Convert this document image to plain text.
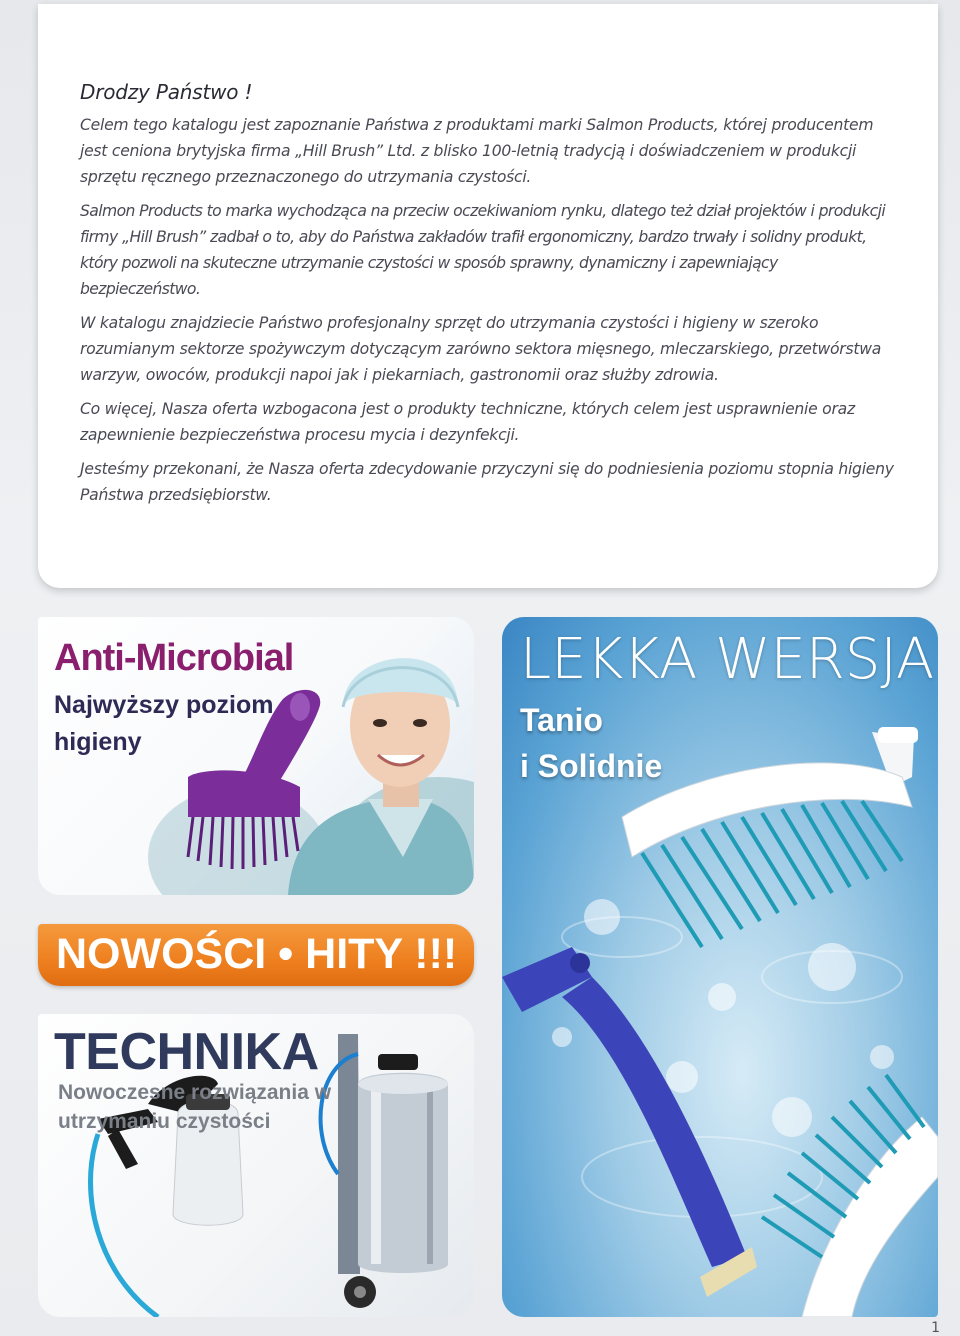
Drodzy Państwo !

Celem tego katalogu jest zapoznanie Państwa z produktami marki Salmon Products, której producentem jest ceniona brytyjska firma „Hill Brush” Ltd. z blisko 100-letnią tradycją i doświadczeniem w produkcji sprzętu ręcznego przeznaczonego do utrzymania czystości.

Salmon Products to marka wychodząca na przeciw oczekiwaniom rynku, dlatego też dział projektów i produkcji firmy „Hill Brush” zadbał o to, aby do Państwa zakładów trafił ergonomiczny, bardzo trwały i solidny produkt, który pozwoli na skuteczne utrzymanie czystości w sposób sprawny, dynamiczny i zapewniający bezpieczeństwo.

W katalogu znajdziecie Państwo profesjonalny sprzęt do utrzymania czystości i higieny w szeroko rozumianym sektorze spożywczym dotyczącym zarówno sektora mięsnego, mleczarskiego, przetwórstwa warzyw, owoców, produkcji napoi jak i piekarniach, gastronomii oraz służby zdrowia.

Co więcej, Nasza oferta wzbogacona jest o produkty techniczne, których celem jest usprawnienie oraz zapewnienie bezpieczeństwa procesu mycia i dezynfekcji.

Jesteśmy przekonani, że Nasza oferta zdecydowanie przyczyni się do podniesienia poziomu stopnia higieny Państwa przedsiębiorstw.

Anti-Microbial
Najwyższy poziom higieny
LEKKA WERSJA
Tanio
i Solidnie
NOWOŚCI • HITY !!!
TECHNIKA
Nowoczesne rozwiązania w utrzymaniu czystości
1
